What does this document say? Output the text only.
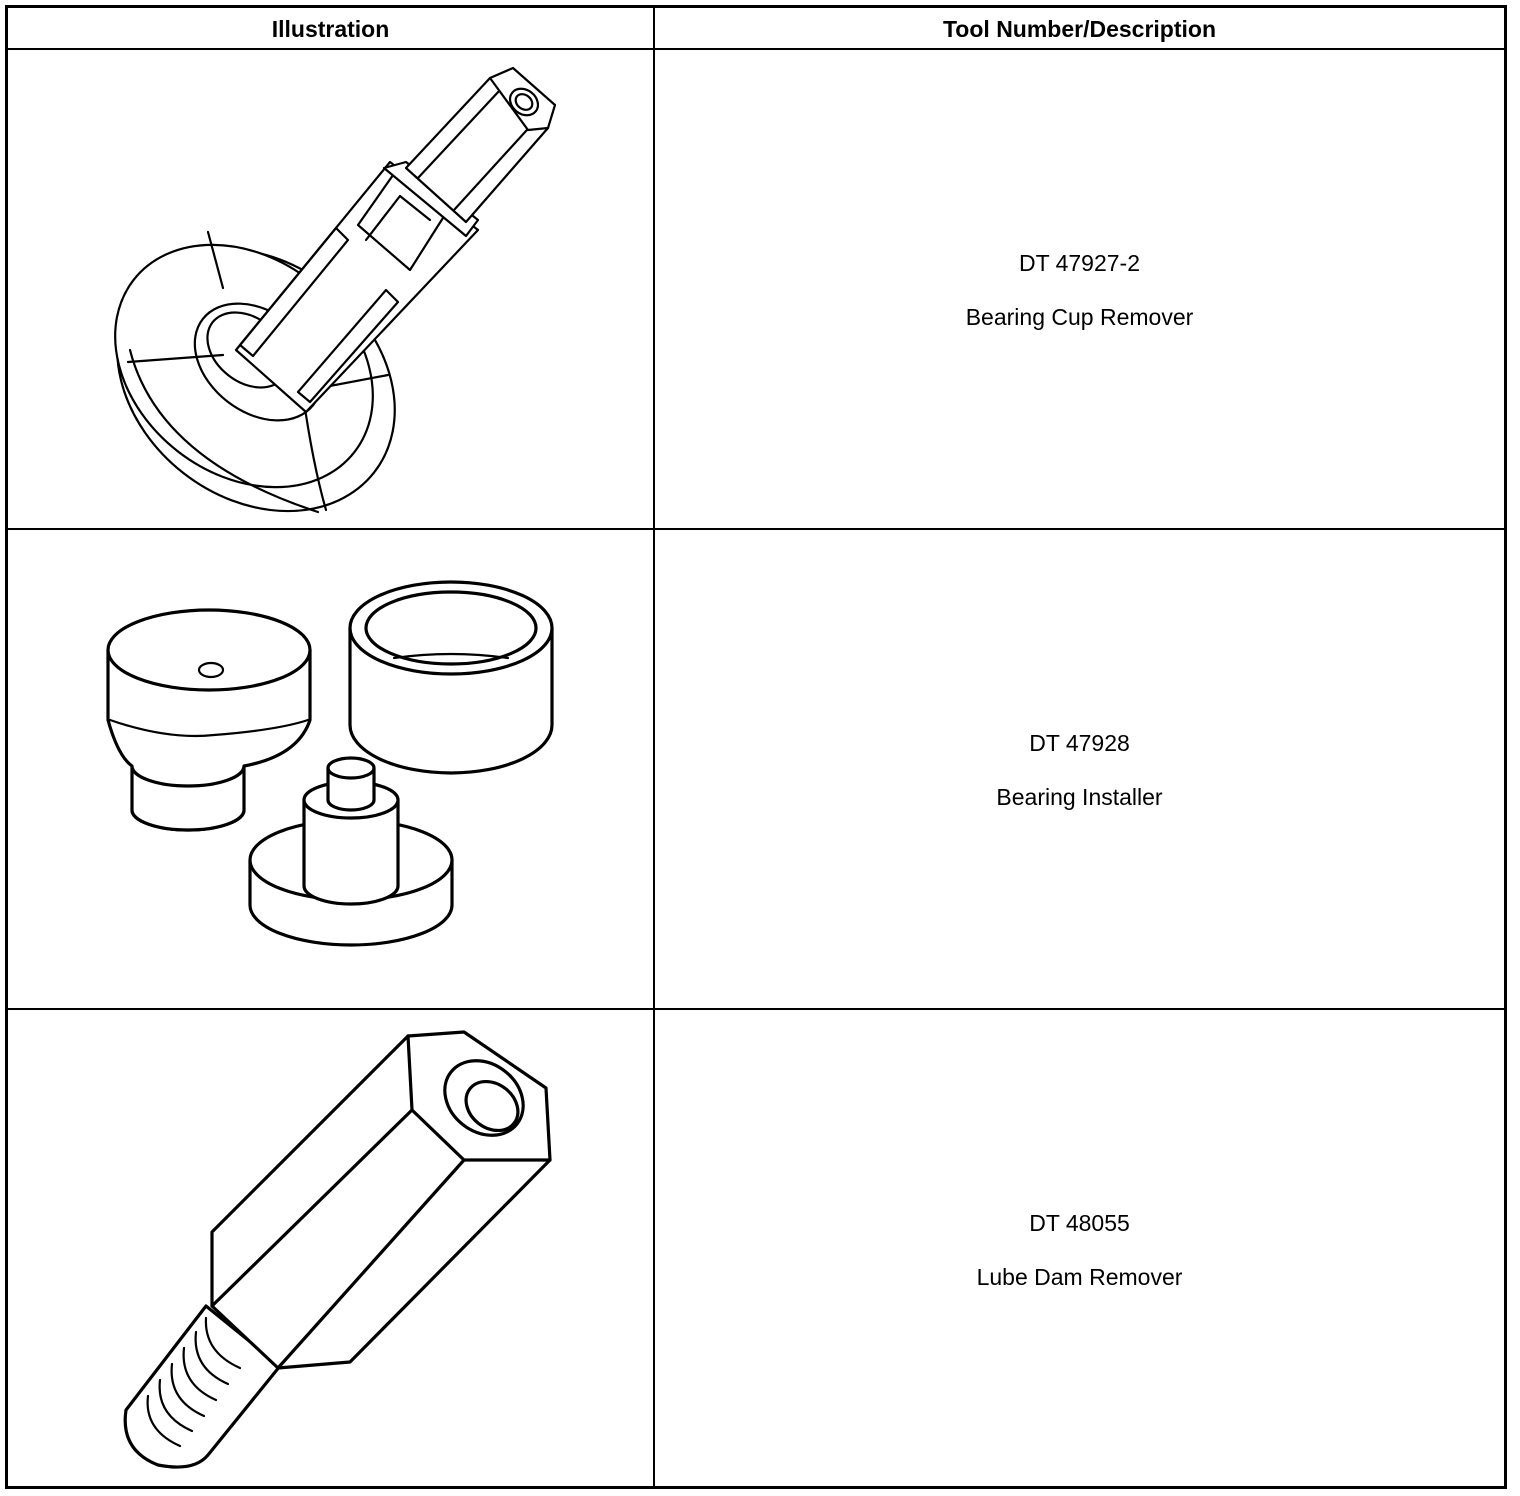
Illustration	Tool Number/Description
DT 47927-2
Bearing Cup Remover
DT 47928
Bearing Installer
DT 48055
Lube Dam Remover
